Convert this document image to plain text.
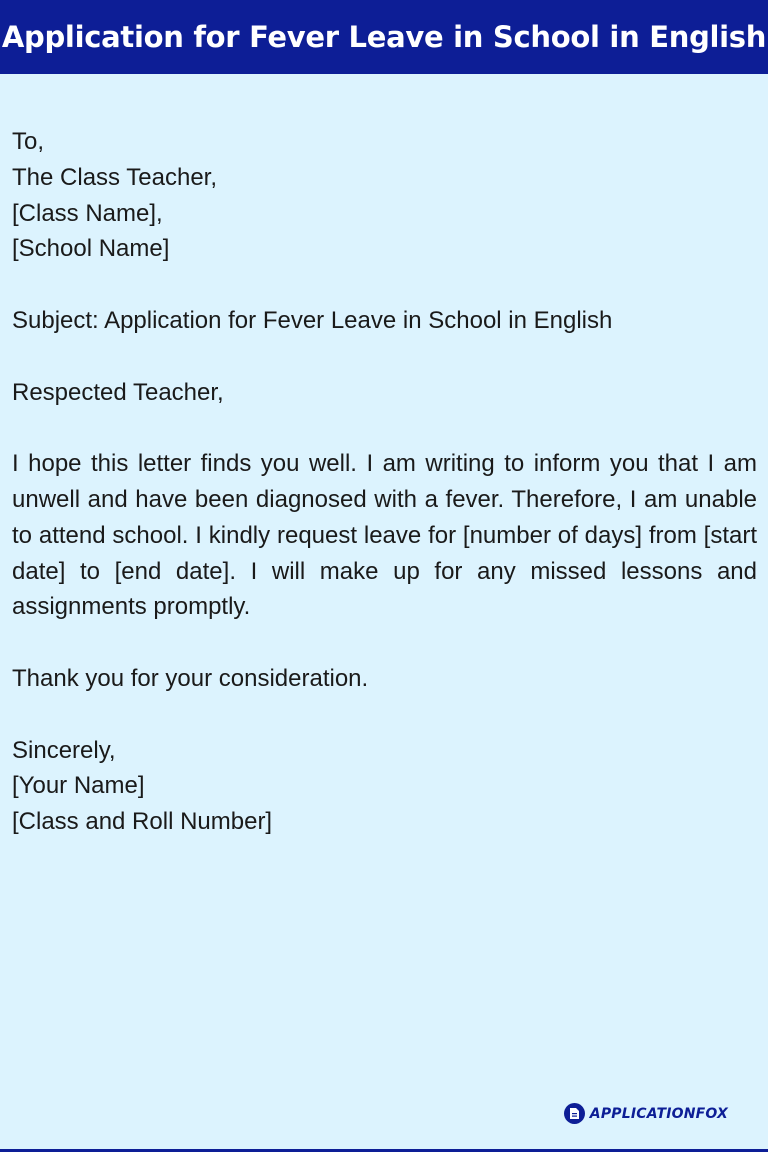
Application for Fever Leave in School in English
To,
The Class Teacher,
[Class Name],
[School Name]
Subject: Application for Fever Leave in School in English
Respected Teacher,
I hope this letter finds you well. I am writing to inform you that I am unwell and have been diagnosed with a fever. Therefore, I am unable to attend school. I kindly request leave for [number of days] from [start date] to [end date]. I will make up for any missed lessons and assignments promptly.
Thank you for your consideration.
Sincerely,
[Your Name]
[Class and Roll Number]
APPLICATIONFOX
